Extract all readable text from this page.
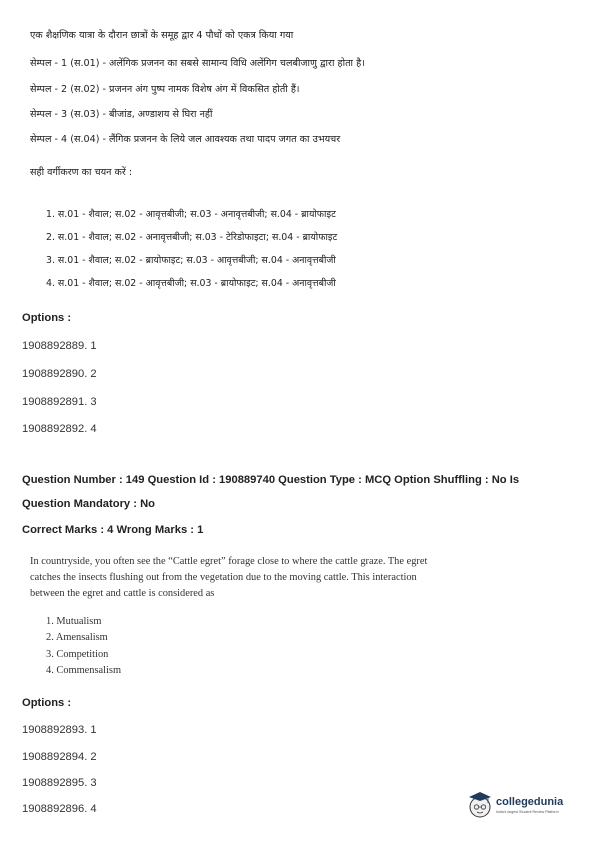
एक शैक्षणिक यात्रा के दौरान छात्रों के समूह द्वार 4 पौधों को एकत्र किया गया
सेम्पल - 1 (स.01) - अलेंगिक प्रजनन का सबसे सामान्य विधि अलेंगिग चलबीजाणु द्वारा होता है।
सेम्पल - 2 (स.02) - प्रजनन अंग पुष्प नामक विशेष अंग में विकसित होती हैं।
सेम्पल - 3 (स.03) - बीजांड, अण्डाशय से घिरा नहीं
सेम्पल - 4 (स.04) - लैंगिक प्रजनन के लिये जल आवश्यक तथा पादप जगत का उभयचर
सही वर्गीकरण का चयन करें :
1. स.01 - शैवाल; स.02 - आवृत्तबीजी; स.03 - अनावृत्तबीजी; स.04 - ब्रायोफाइट
2. स.01 - शैवाल; स.02 - अनावृत्तबीजी; स.03 - टेरिडोफाइटा; स.04 - ब्रायोफाइट
3. स.01 - शैवाल; स.02 - ब्रायोफाइट; स.03 - आवृत्तबीजी; स.04 - अनावृत्तबीजी
4. स.01 - शैवाल; स.02 - आवृत्तबीजी; स.03 - ब्रायोफाइट; स.04 - अनावृत्तबीजी
Options :
1908892889. 1
1908892890. 2
1908892891. 3
1908892892. 4
Question Number : 149 Question Id : 190889740 Question Type : MCQ Option Shuffling : No Is
Question Mandatory : No
Correct Marks : 4 Wrong Marks : 1
In countryside, you often see the “Cattle egret” forage close to where the cattle graze. The egret catches the insects flushing out from the vegetation due to the moving cattle. This interaction between the egret and cattle is considered as
1. Mutualism
2. Amensalism
3. Competition
4. Commensalism
Options :
1908892893. 1
1908892894. 2
1908892895. 3
1908892896. 4
collegedunia
India's largest Student Review Platform
